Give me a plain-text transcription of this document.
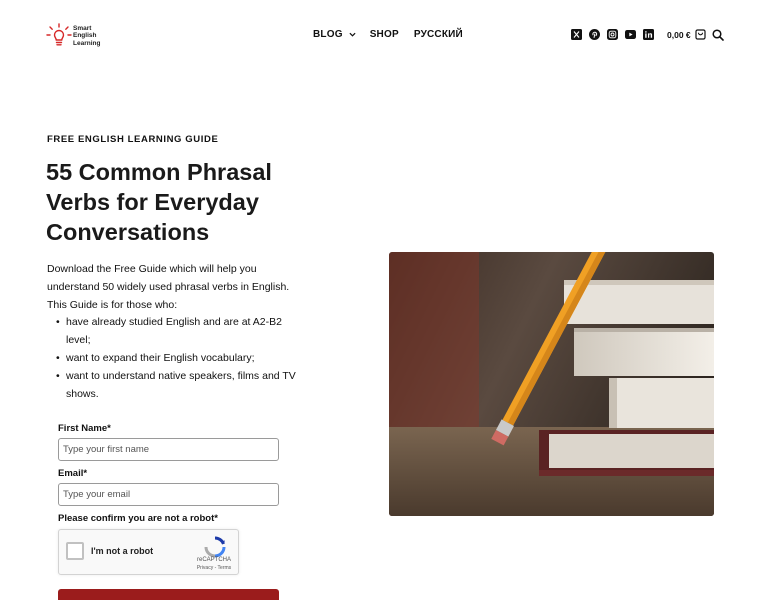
Smart
English
Learning
BLOG	SHOP РУССКИЙ	0,00 €
FREE ENGLISH LEARNING GUIDE
55 Common Phrasal Verbs for Everyday Conversations
Download the Free Guide which will help you understand 50 widely used phrasal verbs in English.
This Guide is for those who:
• have already studied English and are at A2-B2 level;
• want to expand their English vocabulary;
• want to understand native speakers, films and TV shows.
First Name*
Type your first name
Email*
Type your email
Please confirm you are not a robot*
I'm not a robot
reCAPTCHA
Privacy - Terms
